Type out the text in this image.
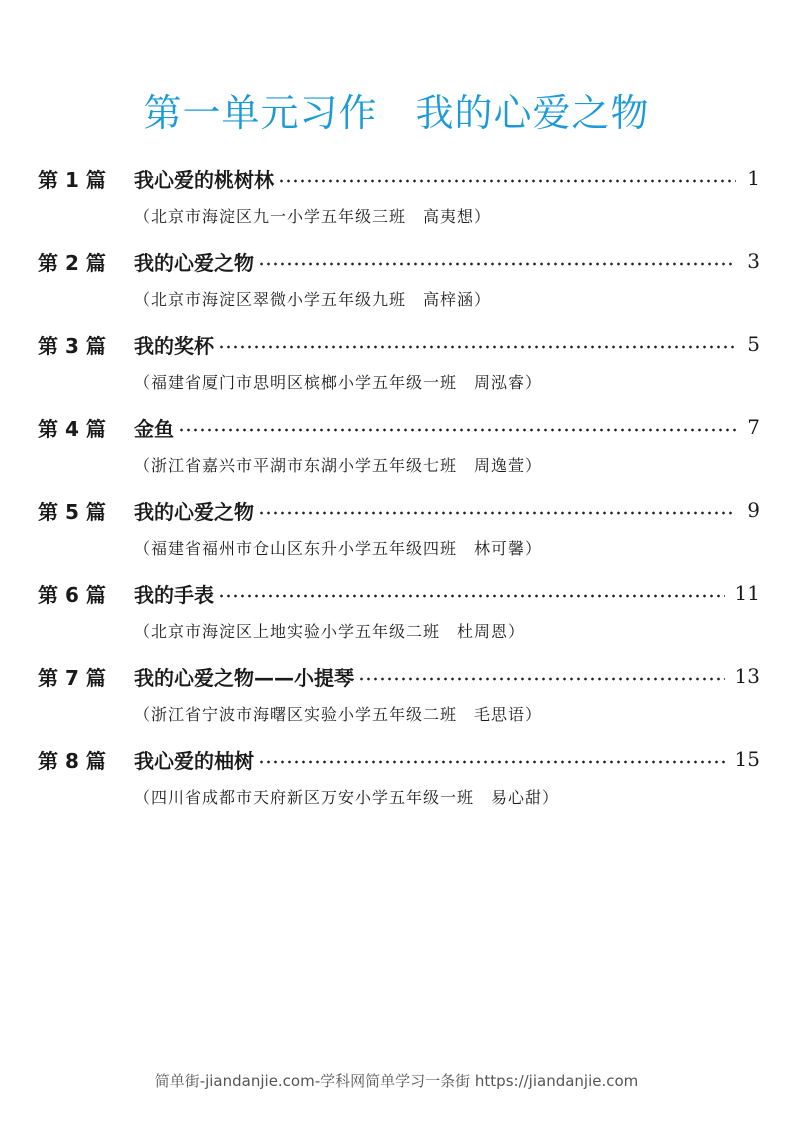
第一单元习作 我的心爱之物
第 1 篇	我心爱的桃树林	1
（北京市海淀区九一小学五年级三班　高夷想）
第 2 篇	我的心爱之物	3
（北京市海淀区翠微小学五年级九班　高梓涵）
第 3 篇	我的奖杯	5
（福建省厦门市思明区槟榔小学五年级一班　周泓睿）
第 4 篇	金鱼	7
（浙江省嘉兴市平湖市东湖小学五年级七班　周逸萱）
第 5 篇	我的心爱之物	9
（福建省福州市仓山区东升小学五年级四班　林可馨）
第 6 篇	我的手表	11
（北京市海淀区上地实验小学五年级二班　杜周恩）
第 7 篇	我的心爱之物——小提琴	13
（浙江省宁波市海曙区实验小学五年级二班　毛思语）
第 8 篇	我心爱的柚树	15
（四川省成都市天府新区万安小学五年级一班　易心甜）
简单街-jiandanjie.com-学科网简单学习一条街 https://jiandanjie.com
